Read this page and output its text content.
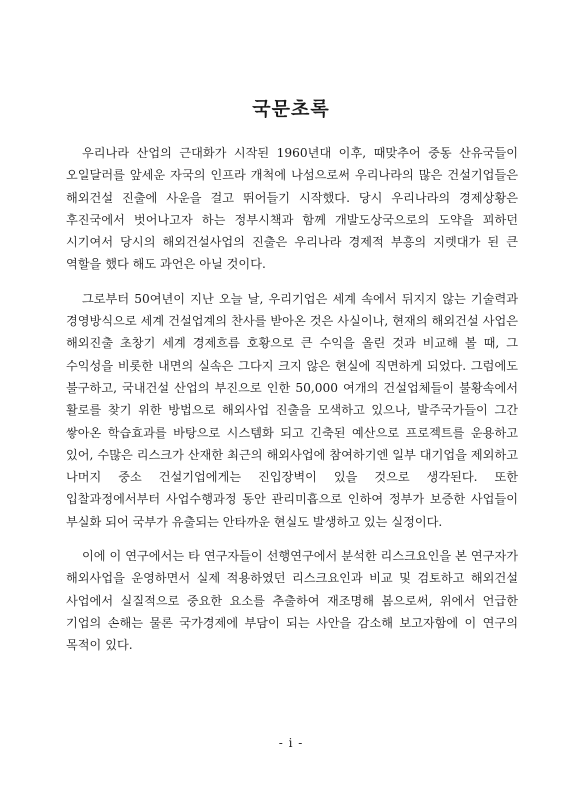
국문초록

우리나라 산업의 근대화가 시작된 1960년대 이후, 때맞추어 중동 산유국들이 오일달러를 앞세운 자국의 인프라 개척에 나섬으로써 우리나라의 많은 건설기업들은 해외건설 진출에 사운을 걸고 뛰어들기 시작했다. 당시 우리나라의 경제상황은 후진국에서 벗어나고자 하는 정부시책과 함께 개발도상국으로의 도약을 꾀하던 시기여서 당시의 해외건설사업의 진출은 우리나라 경제적 부흥의 지렛대가 된 큰 역할을 했다 해도 과언은 아닐 것이다.

그로부터 50여년이 지난 오늘 날, 우리기업은 세계 속에서 뒤지지 않는 기술력과 경영방식으로 세계 건설업계의 찬사를 받아온 것은 사실이나, 현재의 해외건설 사업은 해외진출 초창기 세계 경제흐름 호황으로 큰 수익을 올린 것과 비교해 볼 때, 그 수익성을 비롯한 내면의 실속은 그다지 크지 않은 현실에 직면하게 되었다. 그럼에도 불구하고, 국내건설 산업의 부진으로 인한 50,000 여개의 건설업체들이 불황속에서 활로를 찾기 위한 방법으로 해외사업 진출을 모색하고 있으나, 발주국가들이 그간 쌓아온 학습효과를 바탕으로 시스템화 되고 긴축된 예산으로 프로젝트를 운용하고 있어, 수많은 리스크가 산재한 최근의 해외사업에 참여하기엔 일부 대기업을 제외하고 나머지 중소 건설기업에게는 진입장벽이 있을 것으로 생각된다. 또한 입찰과정에서부터 사업수행과정 동안 관리미흡으로 인하여 정부가 보증한 사업들이 부실화 되어 국부가 유출되는 안타까운 현실도 발생하고 있는 실정이다.

이에 이 연구에서는 타 연구자들이 선행연구에서 분석한 리스크요인을 본 연구자가 해외사업을 운영하면서 실제 적용하였던 리스크요인과 비교 및 검토하고 해외건설 사업에서 실질적으로 중요한 요소를 추출하여 재조명해 봄으로써, 위에서 언급한 기업의 손해는 물론 국가경제에 부담이 되는 사안을 감소해 보고자함에 이 연구의 목적이 있다.

- i -
